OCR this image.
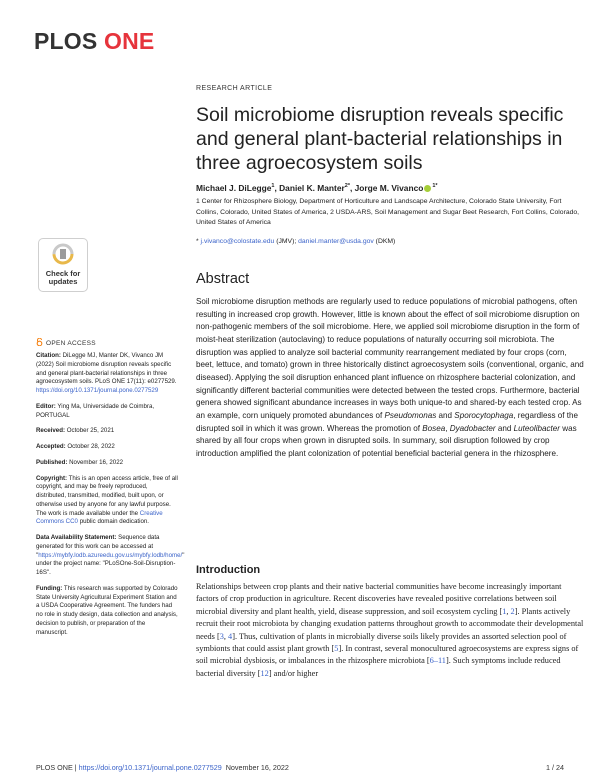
PLOS ONE
RESEARCH ARTICLE
Soil microbiome disruption reveals specific and general plant-bacterial relationships in three agroecosystem soils
Michael J. DiLegge$^1$, Daniel K. Manter$^{2*}$, Jorge M. Vivanco $^{1*}$
1 Center for Rhizosphere Biology, Department of Horticulture and Landscape Architecture, Colorado State University, Fort Collins, Colorado, United States of America, 2 USDA-ARS, Soil Management and Sugar Beet Research, Fort Collins, Colorado, United States of America
* j.vivanco@colostate.edu (JMV); daniel.manter@usda.gov (DKM)
Check for
updates
OPEN ACCESS

Citation: DiLegge MJ, Manter DK, Vivanco JM (2022) Soil microbiome disruption reveals specific and general plant-bacterial relationships in three agroecosystem soils. PLoS ONE 17(11): e0277529. https://doi.org/10.1371/journal.pone.0277529

Editor: Ying Ma, Universidade de Coimbra, PORTUGAL

Received: October 25, 2021

Accepted: October 28, 2022

Published: November 16, 2022

Copyright: This is an open access article, free of all copyright, and may be freely reproduced, distributed, transmitted, modified, built upon, or otherwise used by anyone for any lawful purpose. The work is made available under the Creative Commons CC0 public domain dedication.

Data Availability Statement: Sequence data generated for this work can be accessed at "https://mybfy.lodb.azureedu.gov.us/mybfy.lodb/home/" under the project name: "PLoSOne-Soil-Disruption-16S".

Funding: This research was supported by Colorado State University Agricultural Experiment Station and a USDA Cooperative Agreement. The funders had no role in study design, data collection and analysis, decision to publish, or preparation of the manuscript.

Abstract
Soil microbiome disruption methods are regularly used to reduce populations of microbial pathogens, often resulting in increased crop growth. However, little is known about the effect of soil microbiome disruption on non-pathogenic members of the soil microbiome. Here, we applied soil microbiome disruption in the form of moist-heat sterilization (autoclaving) to reduce populations of naturally occurring soil microbiota. The disruption was applied to analyze soil bacterial community rearrangement mediated by four crops (corn, beet, lettuce, and tomato) grown in three historically distinct agroecosystem soils (conventional, organic, and diseased). Applying the soil disruption enhanced plant influence on rhizosphere bacterial colonization, and significantly different bacterial communities were detected between the tested crops. Furthermore, bacterial genera showed significant abundance increases in ways both unique-to and shared-by each tested crop. As an example, corn uniquely promoted abundances of Pseudomonas and Sporocytophaga, regardless of the disrupted soil in which it was grown. Whereas the promotion of Bosea, Dyadobacter and Luteolibacter was shared by all four crops when grown in disrupted soils. In summary, soil disruption followed by crop introduction amplified the plant colonization of potential beneficial bacterial genera in the rhizosphere.
Introduction
Relationships between crop plants and their native bacterial communities have become increasingly important factors of crop production in agriculture. Recent discoveries have revealed positive correlations between soil microbial diversity and plant health, yield, disease suppression, and soil ecosystem cycling [1, 2]. Plants actively recruit their root microbiota by changing exudation patterns throughout growth to accommodate their developmental needs [3, 4]. Thus, cultivation of plants in microbially diverse soils likely provides an assorted selection pool of symbionts that could assist plant growth [5]. In contrast, several monocultured agroecosystems are express signs of soil microbial dysbiosis, or imbalances in the rhizosphere microbiota [6–11]. Such symptoms include reduced bacterial diversity [12] and/or higher
PLOS ONE | https://doi.org/10.1371/journal.pone.0277529 November 16, 2022	1 / 24
